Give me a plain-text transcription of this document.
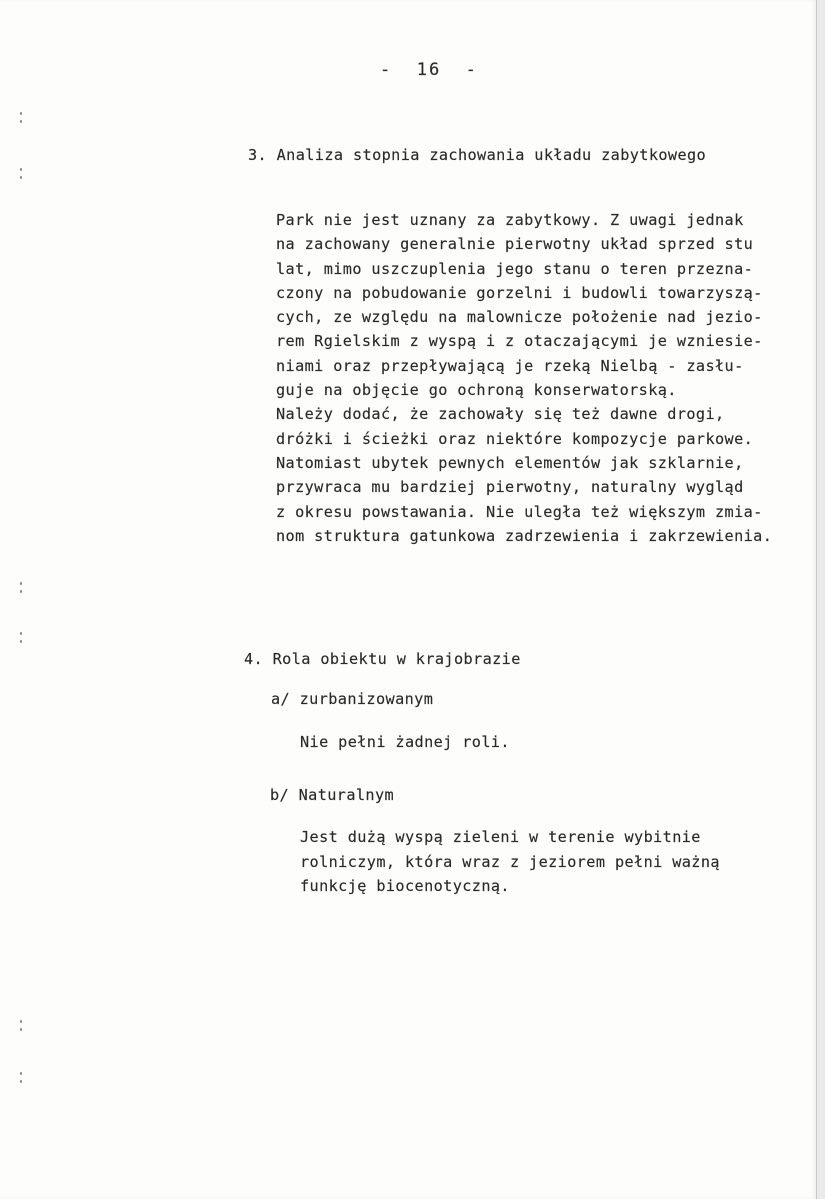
-  16  -
3. Analiza stopnia zachowania układu zabytkowego
Park nie jest uznany za zabytkowy. Z uwagi jednak
na zachowany generalnie pierwotny układ sprzed stu
lat, mimo uszczuplenia jego stanu o teren przezna-
czony na pobudowanie gorzelni i budowli towarzyszą-
cych, ze względu na malownicze położenie nad jezio-
rem Rgielskim z wyspą i z otaczającymi je wzniesie-
niami oraz przepływającą je rzeką Nielbą - zasłu-
guje na objęcie go ochroną konserwatorską.
Należy dodać, że zachowały się też dawne drogi,
dróżki i ścieżki oraz niektóre kompozycje parkowe.
Natomiast ubytek pewnych elementów jak szklarnie,
przywraca mu bardziej pierwotny, naturalny wygląd
z okresu powstawania. Nie uległa też większym zmia-
nom struktura gatunkowa zadrzewienia i zakrzewienia.
4. Rola obiektu w krajobrazie
a/ zurbanizowanym
Nie pełni żadnej roli.
b/ Naturalnym
Jest dużą wyspą zieleni w terenie wybitnie
rolniczym, która wraz z jeziorem pełni ważną
funkcję biocenotyczną.
